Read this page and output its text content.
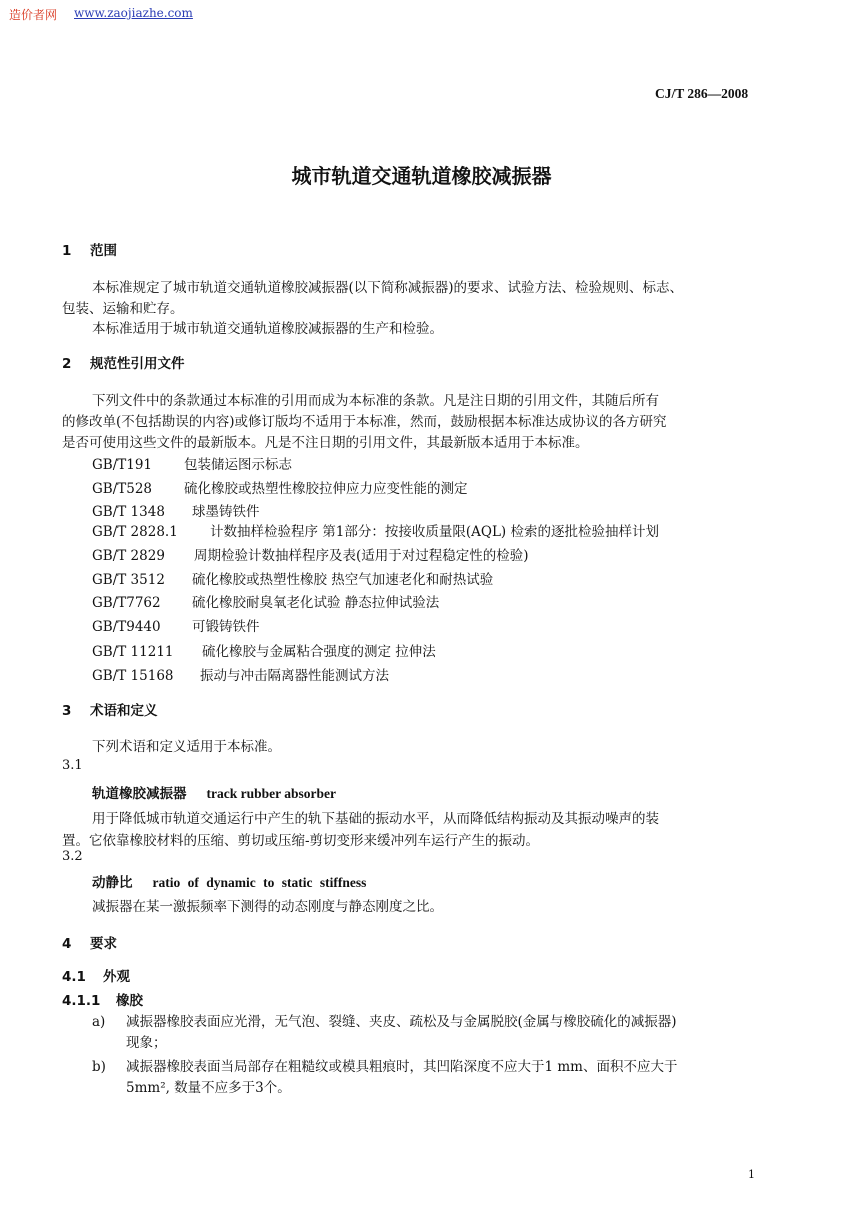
造价者网 www.zaojiazhe.com
CJ/T 286—2008
城市轨道交通轨道橡胶减振器
1 范围
本标准规定了城市轨道交通轨道橡胶减振器(以下简称减振器)的要求、试验方法、检验规则、标志、
包装、运输和贮存。
本标准适用于城市轨道交通轨道橡胶减振器的生产和检验。
2 规范性引用文件
下列文件中的条款通过本标准的引用而成为本标准的条款。凡是注日期的引用文件，其随后所有
的修改单(不包括勘误的内容)或修订版均不适用于本标准，然而，鼓励根据本标准达成协议的各方研究
是否可使用这些文件的最新版本。凡是不注日期的引用文件，其最新版本适用于本标准。
GB/T191 包装储运图示标志
GB/T528 硫化橡胶或热塑性橡胶拉伸应力应变性能的测定
GB/T 1348 球墨铸铁件
GB/T 2828.1 计数抽样检验程序 第1部分：按接收质量限(AQL) 检索的逐批检验抽样计划
GB/T 2829 周期检验计数抽样程序及表(适用于对过程稳定性的检验)
GB/T 3512 硫化橡胶或热塑性橡胶 热空气加速老化和耐热试验
GB/T7762 硫化橡胶耐臭氧老化试验 静态拉伸试验法
GB/T9440 可锻铸铁件
GB/T 11211 硫化橡胶与金属粘合强度的测定 拉伸法
GB/T 15168 振动与冲击隔离器性能测试方法
3 术语和定义
下列术语和定义适用于本标准。
3.1
轨道橡胶减振器 track rubber absorber
用于降低城市轨道交通运行中产生的轨下基础的振动水平，从而降低结构振动及其振动噪声的装
置。它依靠橡胶材料的压缩、剪切或压缩-剪切变形来缓冲列车运行产生的振动。
3.2
动静比 ratio of dynamic to static stiffness
减振器在某一激振频率下测得的动态刚度与静态刚度之比。
4 要求
4.1 外观
4.1.1 橡胶
a) 减振器橡胶表面应光滑，无气泡、裂缝、夹皮、疏松及与金属脱胶(金属与橡胶硫化的减振器)
现象；
b) 减振器橡胶表面当局部存在粗糙纹或模具粗痕时，其凹陷深度不应大于1 mm、面积不应大于
5mm², 数量不应多于3个。
1
